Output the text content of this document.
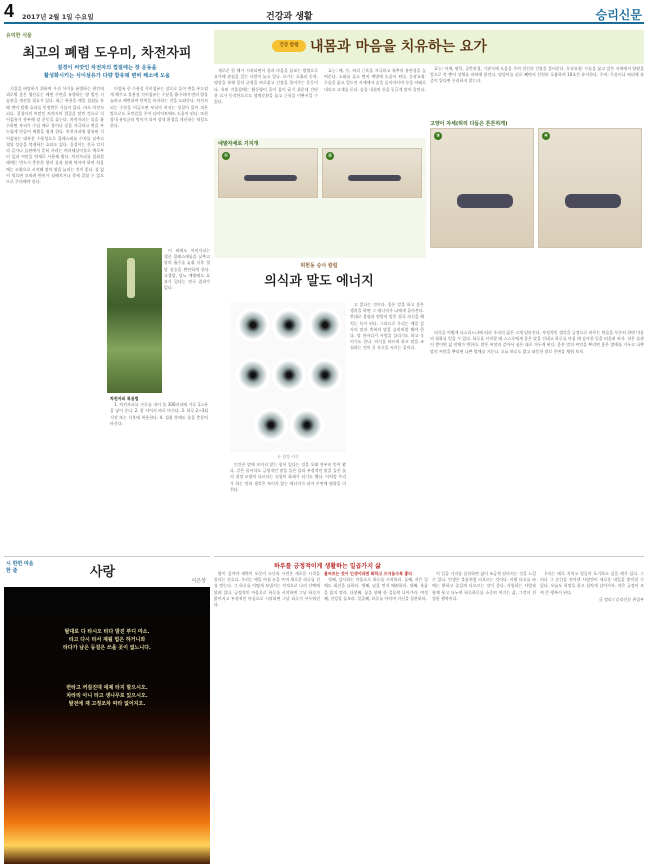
4 2017년 2월 1일 수요일	건강과 생활	승리신문
유익한 식물
최고의 폐렴 도우미, 차전자피
질경이 씨앗인 차전자의 껍질에는 장 운동을
활성화시키는 식이섬유가 다량 함유돼 변비 해소에 도움

지질을 바탕하기 위하여 우선 식이를 유방하는 편인데 괴로워 좋은 엽산류는 배변 주변을 유방하는 방 법인 식습관을 개선할 필요가 있다. 최근 복용을 매일 섭취를 통해 변비 탈출 효과를 인정받은 식물이 있다. 바로 차전자피다. 질경이의 씨앗인 차전자의 껍질을 말린 것으로 식이섬유가 풍부해 장 운동을 돕는다. 차전자피는 물을 흡수하면 부피가 수십 배로 불어나 장을 자극하고 변을 부드럽게 만들어 배출을 쉽게 한다. 차전자피에 함유된 식이섬유는 대부분 수용성으로 콜레스테롤 수치를 낮추고 혈당 상승을 억제하는 효과도 있다. 질경이는 전국 각지의 길가나 들판에서 흔히 자라는 여러해살이풀로 예로부터 잎과 씨앗을 약재로 사용해 왔다. 차전자피를 섭취할 때에는 반드시 충분한 양의 물과 함께 먹어야 하며 처음에는 소량으로 시작해 점차 양을 늘리는 것이 좋다. 물 없이 먹으면 오히려 변비가 심해지거나 목에 걸릴 수 있으므로 주의해야 한다.

이섬유 중 수용성 식이섬유는 장으로 들어 변을 부드럽게 해주고 불용성 식이섬유는 수분을 흡수하며 변의 양을 늘려고 배변하여 탄력을 유지하는 것을 도와준다. 차전자피는 수분을 머금으면 부피가 커지는 성질이 있어 적은 양으로도 포만감을 주어 다이어트에도 도움이 된다. 또한 장내 유익균의 먹이가 되어 장내 환경을 개선하는 역할도 한다.

이 외에도 차전자피는 혈중 콜레스테롤을 낮추고 당의 흡수를 늦춰 식후 혈당 상승을 완만하게 한다. 고혈압, 당뇨 예방에도 효과가 있다는 연구 결과가 있다.

차전자피 복용법

1. 차전자피를 가루를 내어 물 300미리에 가루 1스푼을 넣어 준다. 2. 잘 저어서 바로 마신다. 3. 하루 2~3회 식전 또는 식후에 복용한다. 4. 섭취 후에도 물을 충분히 마신다.

건강 칼럼 내몸과 마음을 치유하는 요가

새로운 한 해가 시작되면서 몸과 마음을 돌보는 방법으로 요가에 관심을 갖는 사람이 늘고 있다. 요가는 호흡과 동작, 명상을 통해 몸의 균형을 바로잡고 긴장을 풀어주는 운동이다. 특히 겨울철에는 활동량이 줄어 몸이 굳기 쉬운데 간단한 요가 동작만으로도 혈액순환을 돕고 근육을 이완시킬 수 있다.

효능: 배, 등, 허리 근육을 자극하고 척추의 유연성을 높여준다. 소화를 돕고 변비 예방에 도움이 된다. 동작요령: 무릎을 꿇고 엎드린 자세에서 숨을 들이마시며 등을 아래로 내리고 고개를 든다. 숨을 내쉬며 등을 둥글게 말아 올린다.

네발자세로 기지개
①	②

효능: 어깨, 팔목, 골반관절, 기관지에 도움을 주며 전신의 긴장을 풀어준다. 동작요령: 무릎을 꿇고 앉은 자세에서 양팔을 앞으로 쭉 뻗어 상체를 바닥에 붙인다. 엉덩이를 뒤로 빼면서 천천히 호흡하며 10초간 유지한다. 주의: 무릎이나 허리에 통증이 있다면 무리하지 않는다.

고양이 자세(허리 다듬은 튼튼하게)
③	④
허헌동 승사 칼럼
의식과 말도 에너지
눈 결정 사진

인간은 말에 보이지 않는 힘이 있다는 것을 오래 전부터 믿어 왔다. 같은 물이라도 긍정적인 말을 들은 물과 부정적인 말을 들은 물의 결정 모양이 다르다는 실험이 화제가 되기도 했다. 이처럼 우리가 하는 말과 생각은 보이지 않는 에너지가 되어 주변에 영향을 미친다.

고 있다는 것이다. 좋은 말을 하고 좋은 생각을 하면 그 에너지가 나에게 돌아온다. 반대로 불평과 원망의 말은 결국 자신을 해치는 독이 된다. 그러므로 우리는 매일 감사의 말과 축복의 말을 습관처럼 해야 한다. 말 한마디가 사람을 살리기도 하고 죽이기도 한다. 의식을 바르게 하고 말을 조심하는 것이 곧 자신을 지키는 길이다.

의식을 어떻게 다스리느냐에 따라 우리의 삶은 크게 달라진다. 부정적인 생각을 긍정으로 바꾸는 연습을 꾸준히 하면 마음의 평화를 얻을 수 있다. 하루를 시작할 때 스스로에게 좋은 말을 건네고 하루를 마칠 때 감사한 일을 떠올려 보자. 작은 습관이 쌓이면 삶 전체가 변한다. 말은 씨앗과 같아서 심은 대로 거두게 된다. 좋은 말의 씨앗을 뿌리면 좋은 열매를 거두고 나쁜 말의 씨앗을 뿌리면 나쁜 열매를 거둔다. 오늘 하루도 밝고 따뜻한 말로 주변을 채워 보자.

시 한편 마음 한 줄	사랑
이은상
탈대로 다 타시오 타다 말진 부디 마소.
타고 다시 타서 재될 법은 하거니와
타다가 남은 등걸은 쓰올 곳이 없느니다.
반타고 꺼질진대 애제 타지 말으시오.
차라리 아니 타고 생나무로 있으시오.
탈전에 재 고정조차 따라 없어지오.
하루를 긍정적이게 생활하는 일곱가지 삶

밤이 깊어야 새벽이 오듯이 고난과 시련은 새로운 시작을 알리는 신호다. 우리는 매일 아침 눈을 뜨며 새로운 하루를 선물 받는다. 그 하루를 어떻게 보낼지는 전적으로 나의 선택에 달려 있다. 긍정적인 마음으로 하루를 시작하면 그날 하루가 밝아지고 부정적인 마음으로 시작하면 그날 하루가 어두워진다.

불씨르는 것이 인생이라면 화하고 즈거움수록 좋다

첫째, 감사하는 마음으로 하루를 시작하라. 둘째, 작은 일에도 최선을 다하라. 셋째, 남을 먼저 배려하라. 넷째, 웃음을 잃지 말라. 다섯째, 꿈을 향해 한 걸음씩 나아가라. 여섯째, 건강을 돌보라. 일곱째, 하루를 마치며 자신을 칭찬하라.

이 일곱 가지를 실천하면 삶이 조금씩 달라지는 것을 느낄 수 있다. 인생은 불꽃처럼 타오르는 것이다. 이왕 타오를 바에는 환하고 즐겁게 타오르는 것이 좋다. 사랑하는 사람과 함께 웃고 나누며 하루하루를 소중히 여기는 삶, 그것이 진정한 행복이다.

우리는 때로 지치고 힘들어 포기하고 싶을 때가 있다. 그러나 그 순간을 견뎌낸 사람만이 새로운 내일을 맞이할 수 있다. 오늘도 희망을 품고 힘차게 살아가자. 작은 긍정이 모여 큰 행복이 된다.

글 정리 / 승리신문 편집부
